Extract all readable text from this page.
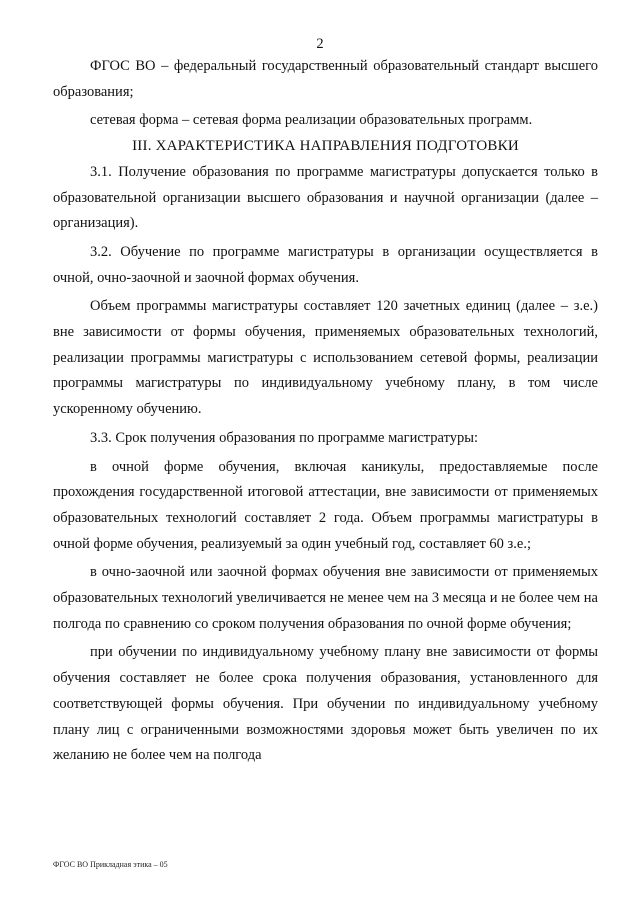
2

ФГОС ВО – федеральный государственный образовательный стандарт высшего образования;

сетевая форма – сетевая форма реализации образовательных программ.

III. ХАРАКТЕРИСТИКА НАПРАВЛЕНИЯ ПОДГОТОВКИ

3.1. Получение образования по программе магистратуры допускается только в образовательной организации высшего образования и научной организации (далее – организация).

3.2. Обучение по программе магистратуры в организации осуществляется в очной, очно-заочной и заочной формах обучения.

Объем программы магистратуры составляет 120 зачетных единиц (далее – з.е.) вне зависимости от формы обучения, применяемых образовательных технологий, реализации программы магистратуры с использованием сетевой формы, реализации программы магистратуры по индивидуальному учебному плану, в том числе ускоренному обучению.

3.3. Срок получения образования по программе магистратуры:

в очной форме обучения, включая каникулы, предоставляемые после прохождения государственной итоговой аттестации, вне зависимости от применяемых образовательных технологий составляет 2 года. Объем программы магистратуры в очной форме обучения, реализуемый за один учебный год, составляет 60 з.е.;

в очно-заочной или заочной формах обучения вне зависимости от применяемых образовательных технологий увеличивается не менее чем на 3 месяца и не более чем на полгода по сравнению со сроком получения образования по очной форме обучения;

при обучении по индивидуальному учебному плану вне зависимости от формы обучения составляет не более срока получения образования, установленного для соответствующей формы обучения. При обучении по индивидуальному учебному плану лиц с ограниченными возможностями здоровья может быть увеличен по их желанию не более чем на полгода

ФГОС ВО Прикладная этика – 05
